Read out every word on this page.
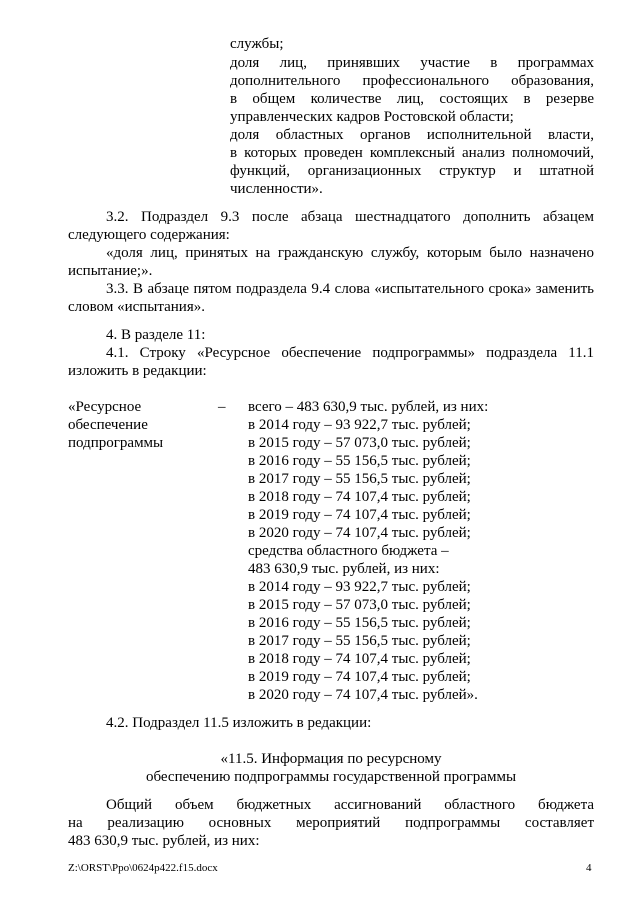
службы;
доля лиц, принявших участие в программах
дополнительного профессионального образования,
в общем количестве лиц, состоящих в резерве
управленческих кадров Ростовской области;
доля областных органов исполнительной власти,
в которых проведен комплексный анализ полномочий,
функций, организационных структур и штатной
численности».
3.2. Подраздел 9.3 после абзаца шестнадцатого дополнить абзацем
следующего содержания:
«доля лиц, принятых на гражданскую службу, которым было назначено
испытание;».
3.3. В абзаце пятом подраздела 9.4 слова «испытательного срока» заменить
словом «испытания».
4. В разделе 11:
4.1. Строку «Ресурсное обеспечение подпрограммы» подраздела 11.1
изложить в редакции:
«Ресурсное
обеспечение
подпрограммы
– всего – 483 630,9 тыс. рублей, из них:
в 2014 году – 93 922,7 тыс. рублей;
в 2015 году – 57 073,0 тыс. рублей;
в 2016 году – 55 156,5 тыс. рублей;
в 2017 году – 55 156,5 тыс. рублей;
в 2018 году – 74 107,4 тыс. рублей;
в 2019 году – 74 107,4 тыс. рублей;
в 2020 году – 74 107,4 тыс. рублей;
средства областного бюджета –
483 630,9 тыс. рублей, из них:
в 2014 году – 93 922,7 тыс. рублей;
в 2015 году – 57 073,0 тыс. рублей;
в 2016 году – 55 156,5 тыс. рублей;
в 2017 году – 55 156,5 тыс. рублей;
в 2018 году – 74 107,4 тыс. рублей;
в 2019 году – 74 107,4 тыс. рублей;
в 2020 году – 74 107,4 тыс. рублей».
4.2. Подраздел 11.5 изложить в редакции:
«11.5. Информация по ресурсному
обеспечению подпрограммы государственной программы
Общий объем бюджетных ассигнований областного бюджета
на реализацию основных мероприятий подпрограммы составляет
483 630,9 тыс. рублей, из них:
Z:\ORST\Ppo\0624p422.f15.docx	4
